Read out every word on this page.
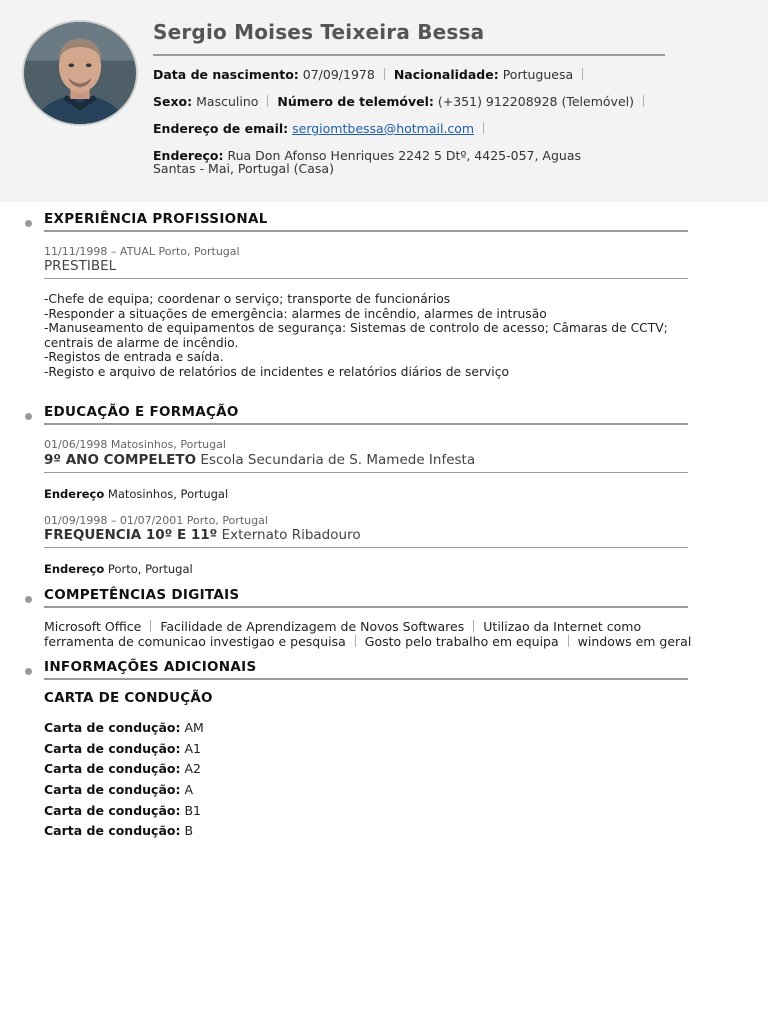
Sergio Moises Teixeira Bessa
Data de nascimento: 07/09/1978 Nacionalidade: Portuguesa
Sexo: Masculino Número de telemóvel: (+351) 912208928 (Telemóvel)
Endereço de email: sergiomtbessa@hotmail.com
Endereço: Rua Don Afonso Henriques 2242 5 Dtº, 4425-057, Aguas Santas - Mai, Portugal (Casa)
EXPERIÊNCIA PROFISSIONAL
11/11/1998 – ATUAL Porto, Portugal
PRESTIBEL
-Chefe de equipa; coordenar o serviço; transporte de funcionários
-Responder a situações de emergência: alarmes de incêndio, alarmes de intrusão
-Manuseamento de equipamentos de segurança: Sistemas de controlo de acesso; Câmaras de CCTV; centrais de alarme de incêndio.
-Registos de entrada e saída.
-Registo e arquivo de relatórios de incidentes e relatórios diários de serviço
EDUCAÇÃO E FORMAÇÃO
01/06/1998 Matosinhos, Portugal
9º ANO COMPELETO Escola Secundaria de S. Mamede Infesta
Endereço Matosinhos, Portugal
01/09/1998 – 01/07/2001 Porto, Portugal
FREQUENCIA 10º E 11º Externato Ribadouro
Endereço Porto, Portugal
COMPETÊNCIAS DIGITAIS
Microsoft Office Facilidade de Aprendizagem de Novos Softwares Utilizao da Internet como
ferramenta de comunicao investigao e pesquisa Gosto pelo trabalho em equipa windows em geral
INFORMAÇÕES ADICIONAIS
CARTA DE CONDUÇÃO
Carta de condução: AM
Carta de condução: A1
Carta de condução: A2
Carta de condução: A
Carta de condução: B1
Carta de condução: B
